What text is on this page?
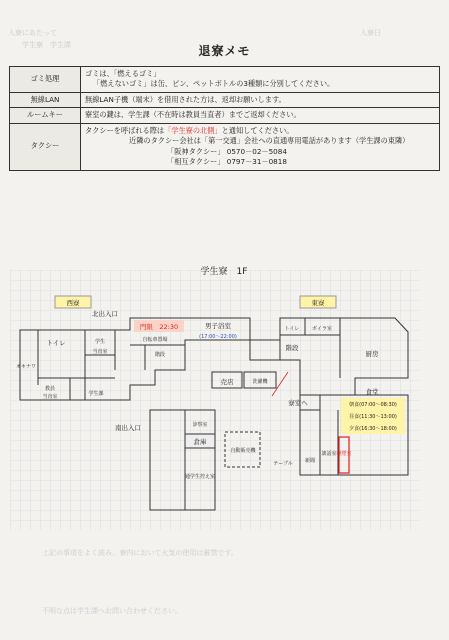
入寮にあたって
学生寮　学生課
入寮日
上記の事項をよく読み、寮内において火気の使用は厳禁です。
不明な点は学生課へお問い合わせください。
退寮メモ
ゴミ処理	ゴミは、「燃えるゴミ」
「燃えないゴミ」は缶、ビン、ペットボトルの3種類に分別してください。

無線LAN	無線LAN子機（端末）を借用された方は、返却お願いします。
ルームキー	寮室の鍵は、学生課（不在時は教員当直者）までご返却ください。
タクシー	タクシーを呼ばれる際は「学生寮の北側」と通知してください。
近隣のタクシー会社は「第一交通」会社への直通専用電話があります（学生課の東隣）
「阪神タクシー」 0570－02－5084
「相互タクシー」 0797－31－0818
学生寮　1F
西寮	東寮
北出入口
門限　22:30
トイレ	学生
当直室
オキナワ
教員
当直室	学生課
自転車置場
階段
男子浴室
(17:00〜22:00)
トイレ	ボイラ室
階段
厨房
売店	洗濯機
寮室へ
食堂
朝食(07:00〜08:30)
昼食(11:30〜13:00)
夕食(16:30〜18:00)
喫煙室
談話室
新聞
テーブル
南出入口	診察室
倉庫
自動販売機
通学生控え室
